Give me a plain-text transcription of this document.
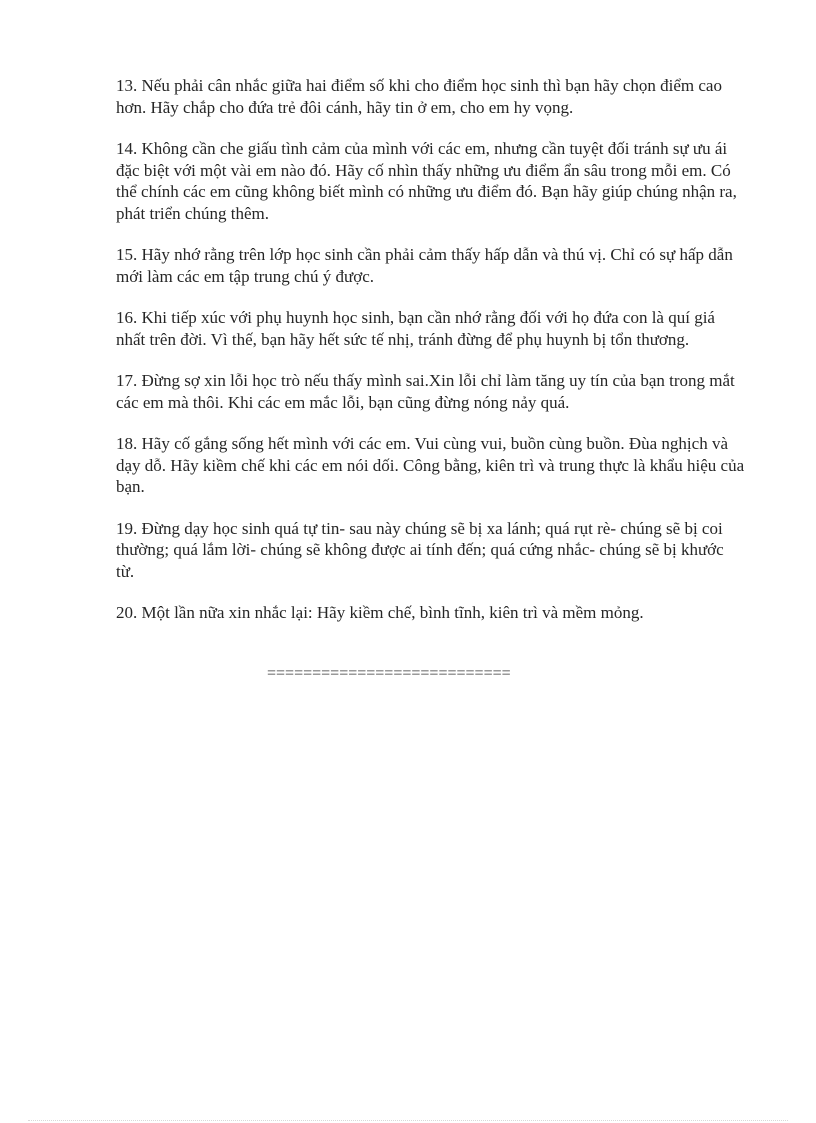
13. Nếu phải cân nhắc giữa hai điểm số khi cho điểm học sinh thì bạn hãy chọn điểm cao hơn. Hãy chắp cho đứa trẻ đôi cánh, hãy tin ở em, cho em hy vọng.

14. Không cần che giấu tình cảm của mình với các em, nhưng cần tuyệt đối tránh sự ưu ái đặc biệt với một vài em nào đó. Hãy cố nhìn thấy những ưu điểm ẩn sâu trong mỗi em. Có thể chính các em cũng không biết mình có những ưu điểm đó. Bạn hãy giúp chúng nhận ra, phát triển chúng thêm.

15. Hãy nhớ rằng trên lớp học sinh cần phải cảm thấy hấp dẫn và thú vị. Chỉ có sự hấp dẫn mới làm các em tập trung chú ý được.

16. Khi tiếp xúc với phụ huynh học sinh, bạn cần nhớ rằng đối với họ đứa con là quí giá nhất trên đời. Vì thế, bạn hãy hết sức tế nhị, tránh đừng để phụ huynh bị tổn thương.

17. Đừng sợ xin lỗi học trò nếu thấy mình sai.Xin lỗi chỉ làm tăng uy tín của bạn trong mắt các em mà thôi. Khi các em mắc lỗi, bạn cũng đừng nóng nảy quá.

18. Hãy cố gắng sống hết mình với các em. Vui cùng vui, buồn cùng buồn. Đùa nghịch và dạy dỗ. Hãy kiềm chế khi các em nói dối. Công bằng, kiên trì và trung thực là khẩu hiệu của bạn.

19. Đừng dạy học sinh quá tự tin- sau này chúng sẽ bị xa lánh; quá rụt rè- chúng sẽ bị coi thường; quá lắm lời- chúng sẽ không được ai tính đến; quá cứng nhắc- chúng sẽ bị khước từ.

20. Một lần nữa xin nhắc lại: Hãy kiềm chế, bình tĩnh, kiên trì và mềm mỏng.

===========================
